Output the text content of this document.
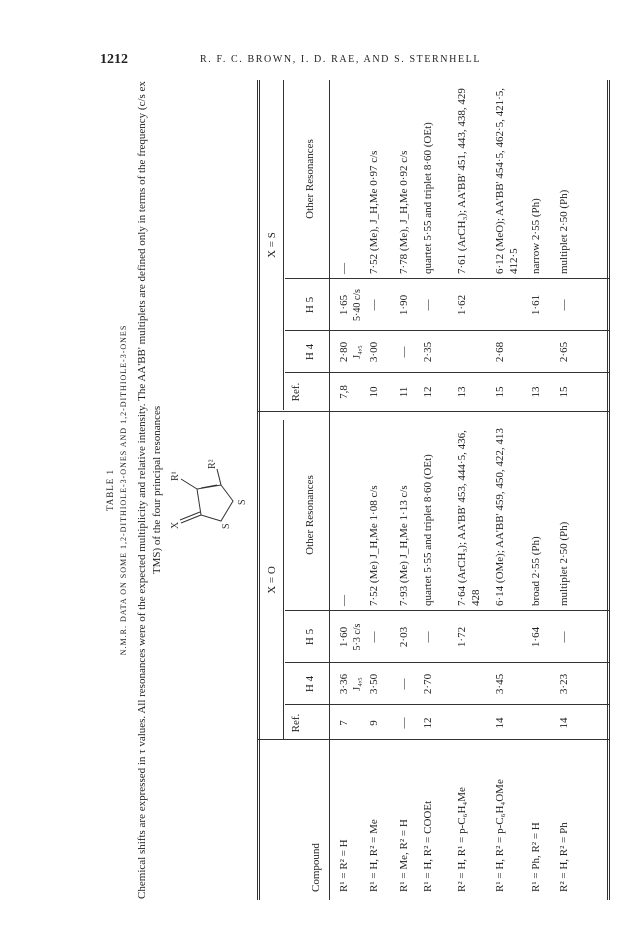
1212	R. F. C. BROWN, I. D. RAE, AND S. STERNHELL
TABLE 1 N.M.R. DATA ON SOME 1,2-DITHIOLE-3-ONES AND 1,2-DITHIOLE-3-ONES Chemical shifts are expressed in τ values. All resonances were of the expected multiplicity and relative intensity. The AA'BB' multiplets are defined only in terms of the frequency (c/s ex TMS) of the four principal resonances X
R¹
R²
S
S
X = O
X = S
Compound
Ref.
H 4
H 5
Other Resonances
Ref.
H 4
H 5
Other Resonances
R¹ = R² = H
7
3·36 J₄,₅
1·60 5·3 c/s
—
7,8
2·80 J₄,₅
1·65 5·40 c/s
—
R¹ = H, R² = Me
9
3·50
—
7·52 (Me) J_H,Me 1·08 c/s
10
3·00
—
7·52 (Me), J_H,Me 0·97 c/s
R¹ = Me, R² = H
—
—
2·03
7·93 (Me) J_H,Me 1·13 c/s
11
—
1·90
7·78 (Me), J_H,Me 0·92 c/s
R¹ = H, R² = COOEt
12
2·70
—
quartet 5·55 and triplet 8·60 (OEt)
12
2·35
—
quartet 5·55 and triplet 8·60 (OEt)
R² = H, R¹ = p-C₆H₄Me
1·72
7·64 (ArCH₃); AA'BB' 453, 444·5, 436, 428
13
1·62
7·61 (ArCH₃); AA'BB' 451, 443, 438, 429
R¹ = H, R² = p-C₆H₄OMe
14
3·45
6·14 (OMe); AA'BB' 459, 450, 422, 413
15
2·68
6·12 (MeO); AA'BB' 454·5, 462·5, 421·5, 412·5
R¹ = Ph, R² = H
1·64
broad 2·55 (Ph)
13
1·61
narrow 2·55 (Ph)
R² = H, R² = Ph
14
3·23
—
multiplet 2·50 (Ph)
15
2·65
—
multiplet 2·50 (Ph)
